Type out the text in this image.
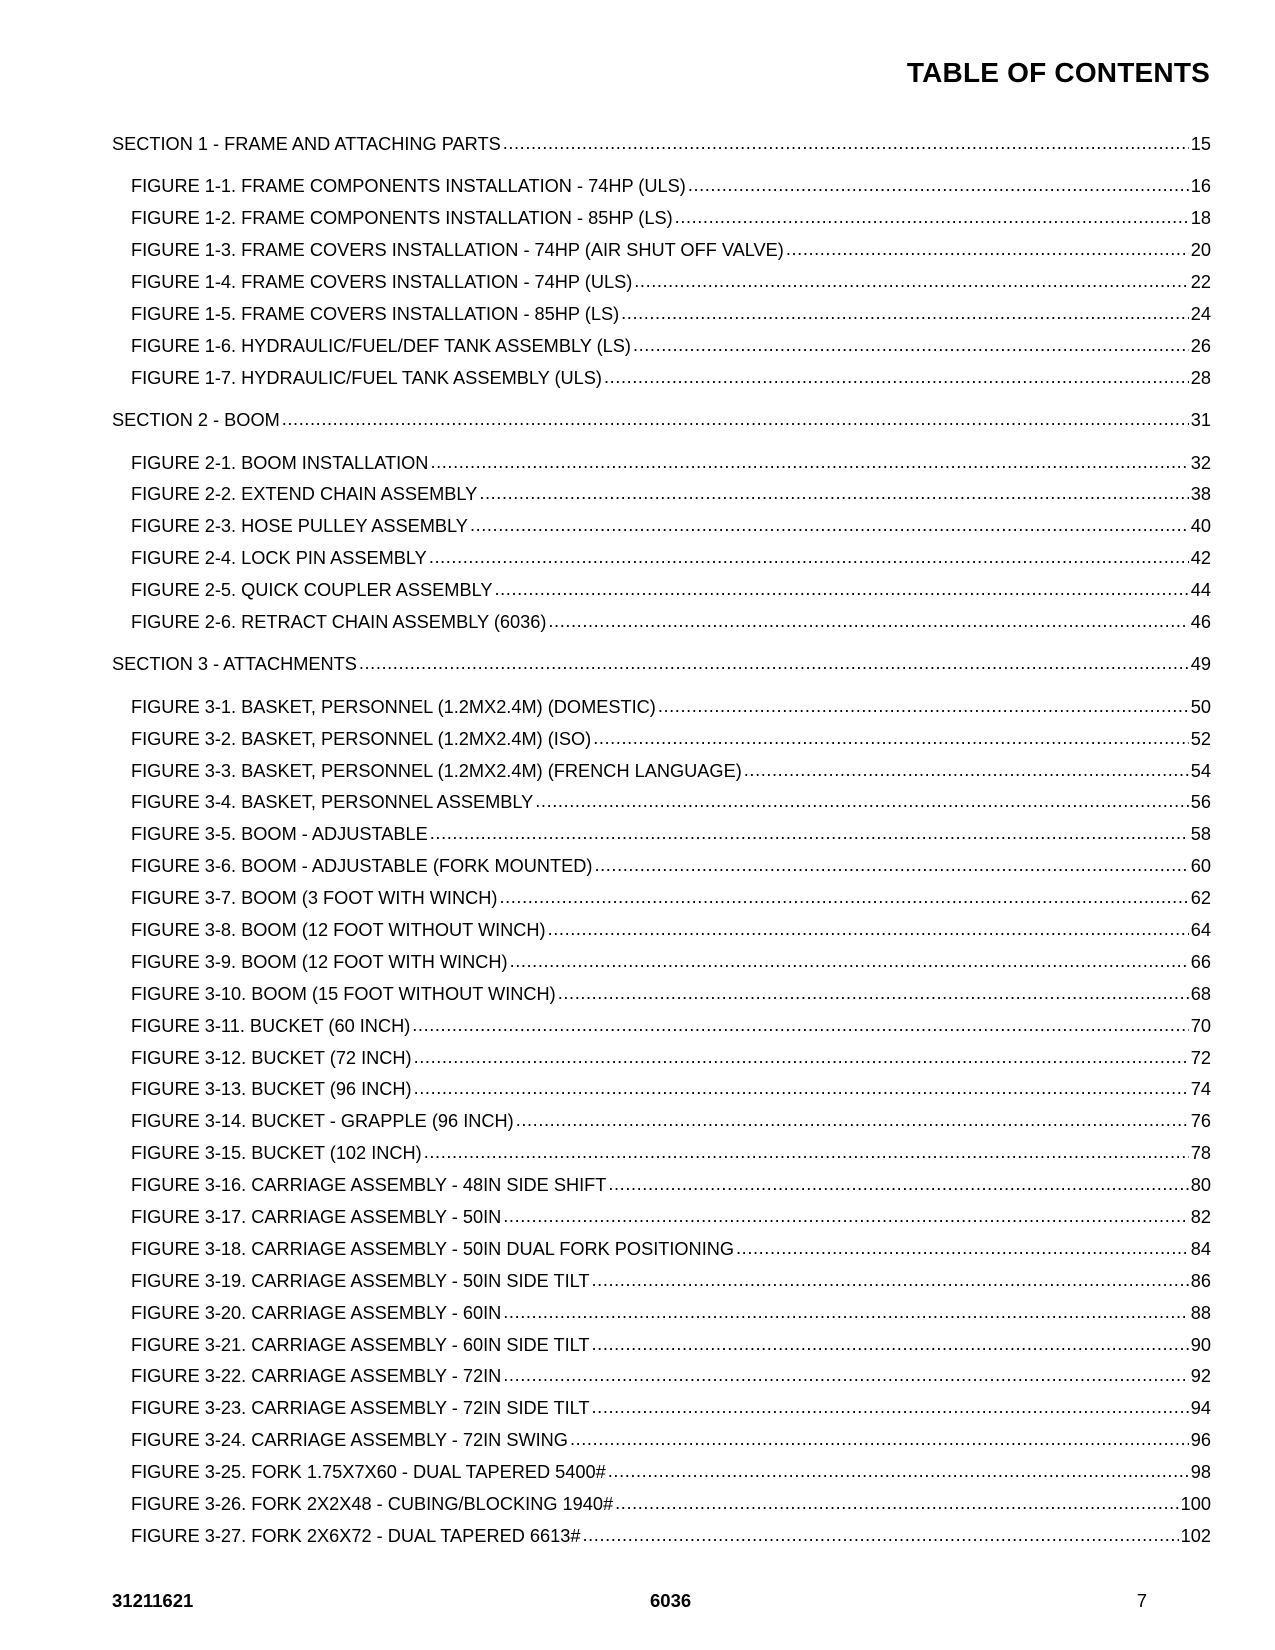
TABLE OF CONTENTS
SECTION 1 - FRAME AND ATTACHING PARTS .....	15
FIGURE 1-1. FRAME COMPONENTS INSTALLATION - 74HP (ULS) .....	16
FIGURE 1-2. FRAME COMPONENTS INSTALLATION - 85HP (LS) .....	18
FIGURE 1-3. FRAME COVERS INSTALLATION - 74HP (AIR SHUT OFF VALVE) .....	20
FIGURE 1-4. FRAME COVERS INSTALLATION - 74HP (ULS) .....	22
FIGURE 1-5. FRAME COVERS INSTALLATION - 85HP (LS) .....	24
FIGURE 1-6. HYDRAULIC/FUEL/DEF TANK ASSEMBLY (LS) .....	26
FIGURE 1-7. HYDRAULIC/FUEL TANK ASSEMBLY (ULS) .....	28
SECTION 2 - BOOM .....	31
FIGURE 2-1. BOOM INSTALLATION .....	32
FIGURE 2-2. EXTEND CHAIN ASSEMBLY .....	38
FIGURE 2-3. HOSE PULLEY ASSEMBLY .....	40
FIGURE 2-4. LOCK PIN ASSEMBLY .....	42
FIGURE 2-5. QUICK COUPLER ASSEMBLY .....	44
FIGURE 2-6. RETRACT CHAIN ASSEMBLY (6036) .....	46
SECTION 3 - ATTACHMENTS .....	49
FIGURE 3-1. BASKET, PERSONNEL (1.2MX2.4M) (DOMESTIC) .....	50
FIGURE 3-2. BASKET, PERSONNEL (1.2MX2.4M) (ISO) .....	52
FIGURE 3-3. BASKET, PERSONNEL (1.2MX2.4M) (FRENCH LANGUAGE) .....	54
FIGURE 3-4. BASKET, PERSONNEL ASSEMBLY .....	56
FIGURE 3-5. BOOM - ADJUSTABLE .....	58
FIGURE 3-6. BOOM - ADJUSTABLE (FORK MOUNTED) .....	60
FIGURE 3-7. BOOM (3 FOOT WITH WINCH) .....	62
FIGURE 3-8. BOOM (12 FOOT WITHOUT WINCH) .....	64
FIGURE 3-9. BOOM (12 FOOT WITH WINCH) .....	66
FIGURE 3-10. BOOM (15 FOOT WITHOUT WINCH) .....	68
FIGURE 3-11. BUCKET (60 INCH) .....	70
FIGURE 3-12. BUCKET (72 INCH) .....	72
FIGURE 3-13. BUCKET (96 INCH) .....	74
FIGURE 3-14. BUCKET - GRAPPLE (96 INCH) .....	76
FIGURE 3-15. BUCKET (102 INCH) .....	78
FIGURE 3-16. CARRIAGE ASSEMBLY - 48IN SIDE SHIFT .....	80
FIGURE 3-17. CARRIAGE ASSEMBLY - 50IN .....	82
FIGURE 3-18. CARRIAGE ASSEMBLY - 50IN DUAL FORK POSITIONING .....	84
FIGURE 3-19. CARRIAGE ASSEMBLY - 50IN SIDE TILT .....	86
FIGURE 3-20. CARRIAGE ASSEMBLY - 60IN .....	88
FIGURE 3-21. CARRIAGE ASSEMBLY - 60IN SIDE TILT .....	90
FIGURE 3-22. CARRIAGE ASSEMBLY - 72IN .....	92
FIGURE 3-23. CARRIAGE ASSEMBLY - 72IN SIDE TILT .....	94
FIGURE 3-24. CARRIAGE ASSEMBLY - 72IN SWING .....	96
FIGURE 3-25. FORK 1.75X7X60 - DUAL TAPERED 5400# .....	98
FIGURE 3-26. FORK 2X2X48 - CUBING/BLOCKING 1940# .....	100
FIGURE 3-27. FORK 2X6X72 - DUAL TAPERED 6613# .....	102
31211621	6036	7
